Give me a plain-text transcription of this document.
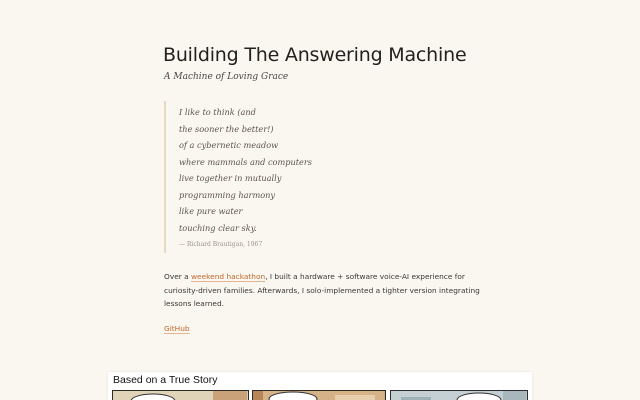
Building The Answering Machine

A Machine of Loving Grace

I like to think (and
the sooner the better!)
of a cybernetic meadow
where mammals and computers
live together in mutually
programming harmony
like pure water
touching clear sky.
— Richard Brautigan, 1967
Over a weekend hackathon, I built a hardware + software voice-AI experience for
curiosity-driven families. Afterwards, I solo-implemented a tighter version integrating
lessons learned.
GitHub
Based on a True Story
